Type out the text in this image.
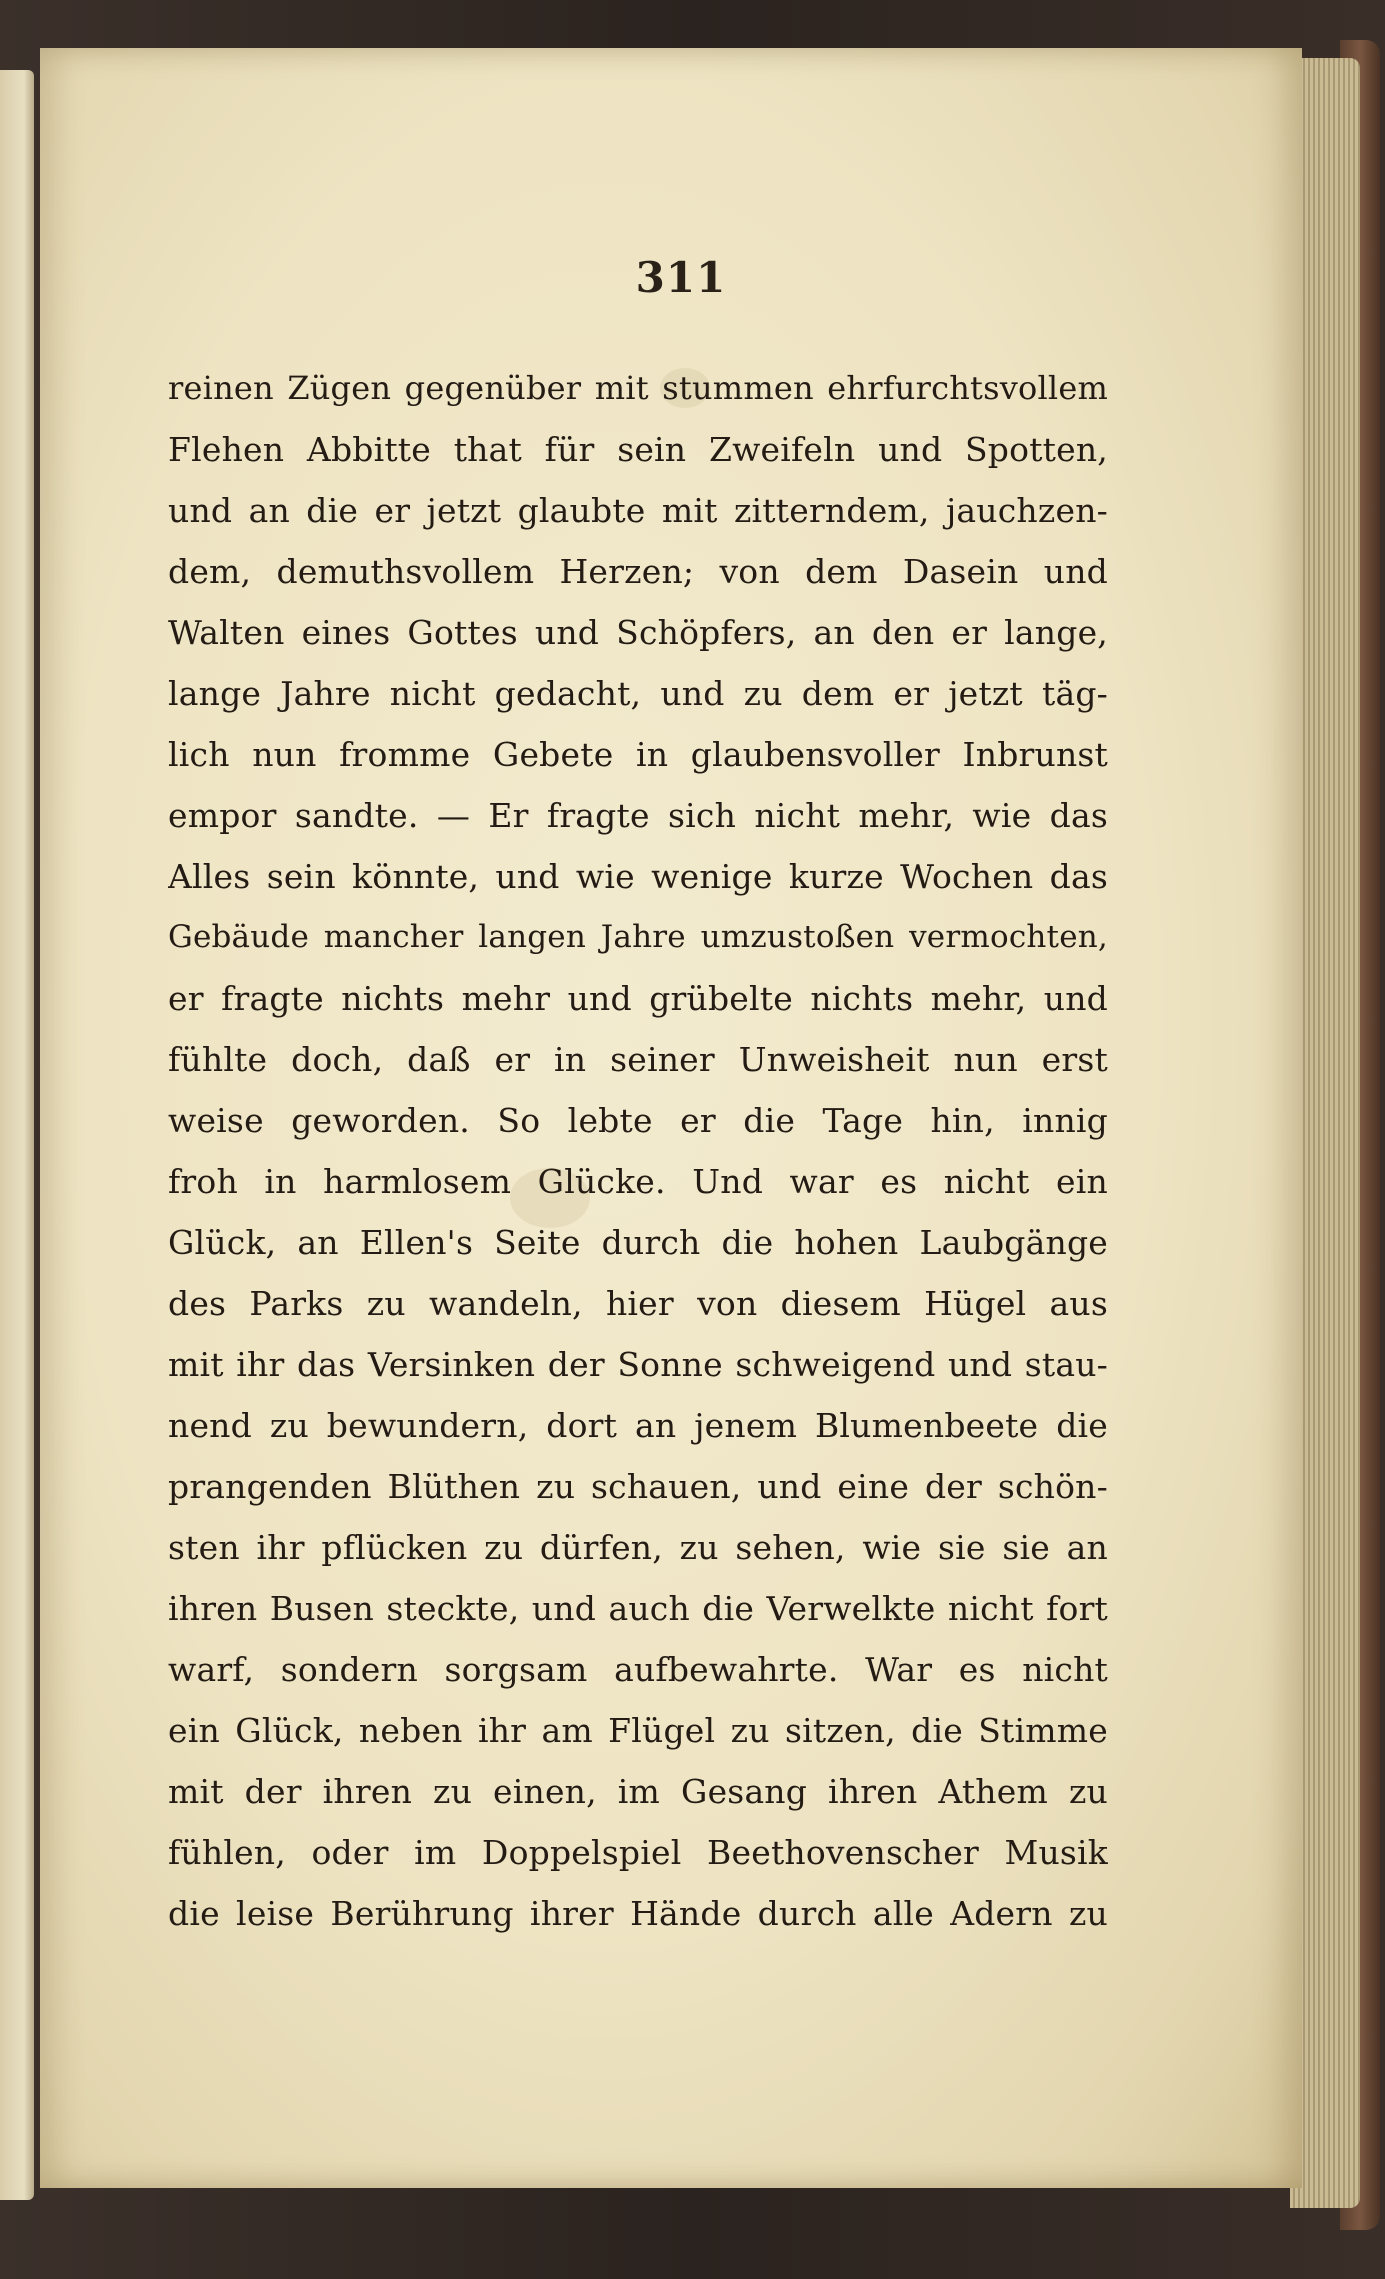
311
reinen Zügen gegenüber mit stummen ehrfurchtsvollem
Flehen Abbitte that für sein Zweifeln und Spotten,
und an die er jetzt glaubte mit zitterndem, jauchzen-
dem, demuthsvollem Herzen; von dem Dasein und
Walten eines Gottes und Schöpfers, an den er lange,
lange Jahre nicht gedacht, und zu dem er jetzt täg-
lich nun fromme Gebete in glaubensvoller Inbrunst
empor sandte. — Er fragte sich nicht mehr, wie das
Alles sein könnte, und wie wenige kurze Wochen das
Gebäude mancher langen Jahre umzustoßen vermochten,
er fragte nichts mehr und grübelte nichts mehr, und
fühlte doch, daß er in seiner Unweisheit nun erst
weise geworden. So lebte er die Tage hin, innig
froh in harmlosem Glücke. Und war es nicht ein
Glück, an Ellen's Seite durch die hohen Laubgänge
des Parks zu wandeln, hier von diesem Hügel aus
mit ihr das Versinken der Sonne schweigend und stau-
nend zu bewundern, dort an jenem Blumenbeete die
prangenden Blüthen zu schauen, und eine der schön-
sten ihr pflücken zu dürfen, zu sehen, wie sie sie an
ihren Busen steckte, und auch die Verwelkte nicht fort
warf, sondern sorgsam aufbewahrte. War es nicht
ein Glück, neben ihr am Flügel zu sitzen, die Stimme
mit der ihren zu einen, im Gesang ihren Athem zu
fühlen, oder im Doppelspiel Beethovenscher Musik
die leise Berührung ihrer Hände durch alle Adern zu
